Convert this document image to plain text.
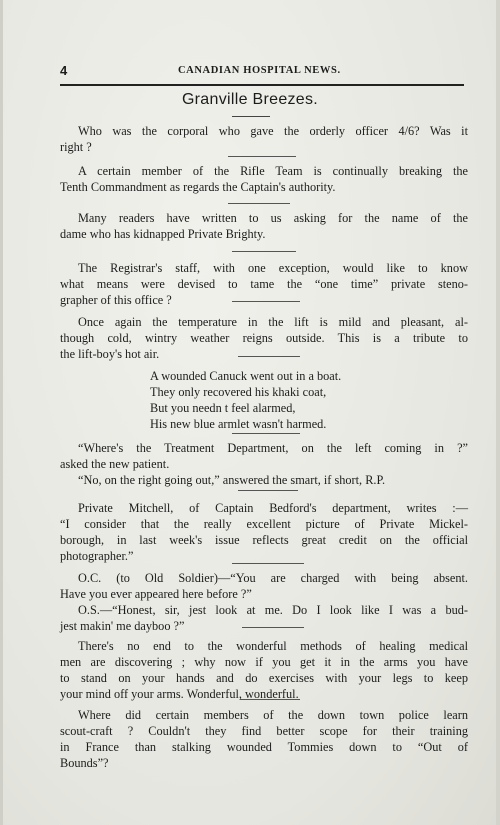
4	CANADIAN HOSPITAL NEWS.
Granville Breezes.
Who was the corporal who gave the orderly officer 4/6? Was it
right ?
A certain member of the Rifle Team is continually breaking the
Tenth Commandment as regards the Captain's authority.
Many readers have written to us asking for the name of the
dame who has kidnapped Private Brighty.
The Registrar's staff, with one exception, would like to know
what means were devised to tame the “one time” private steno-
grapher of this office ?
Once again the temperature in the lift is mild and pleasant, al-
though cold, wintry weather reigns outside. This is a tribute to
the lift-boy's hot air.
A wounded Canuck went out in a boat.
They only recovered his khaki coat,
But you needn t feel alarmed,
His new blue armlet wasn't harmed.
“Where's the Treatment Department, on the left coming in ?”
asked the new patient.
“No, on the right going out,” answered the smart, if short, R.P.
Private Mitchell, of Captain Bedford's department, writes :—
“I consider that the really excellent picture of Private Mickel-
borough, in last week's issue reflects great credit on the official
photographer.”
O.C. (to Old Soldier)—“You are charged with being absent.
Have you ever appeared here before ?”
O.S.—“Honest, sir, jest look at me. Do I look like I was a bud-
jest makin' me dayboo ?”
There's no end to the wonderful methods of healing medical
men are discovering ; why now if you get it in the arms you have
to stand on your hands and do exercises with your legs to keep
your mind off your arms. Wonderful, wonderful.
Where did certain members of the down town police learn
scout-craft ? Couldn't they find better scope for their training
in France than stalking wounded Tommies down to “Out of
Bounds”?
